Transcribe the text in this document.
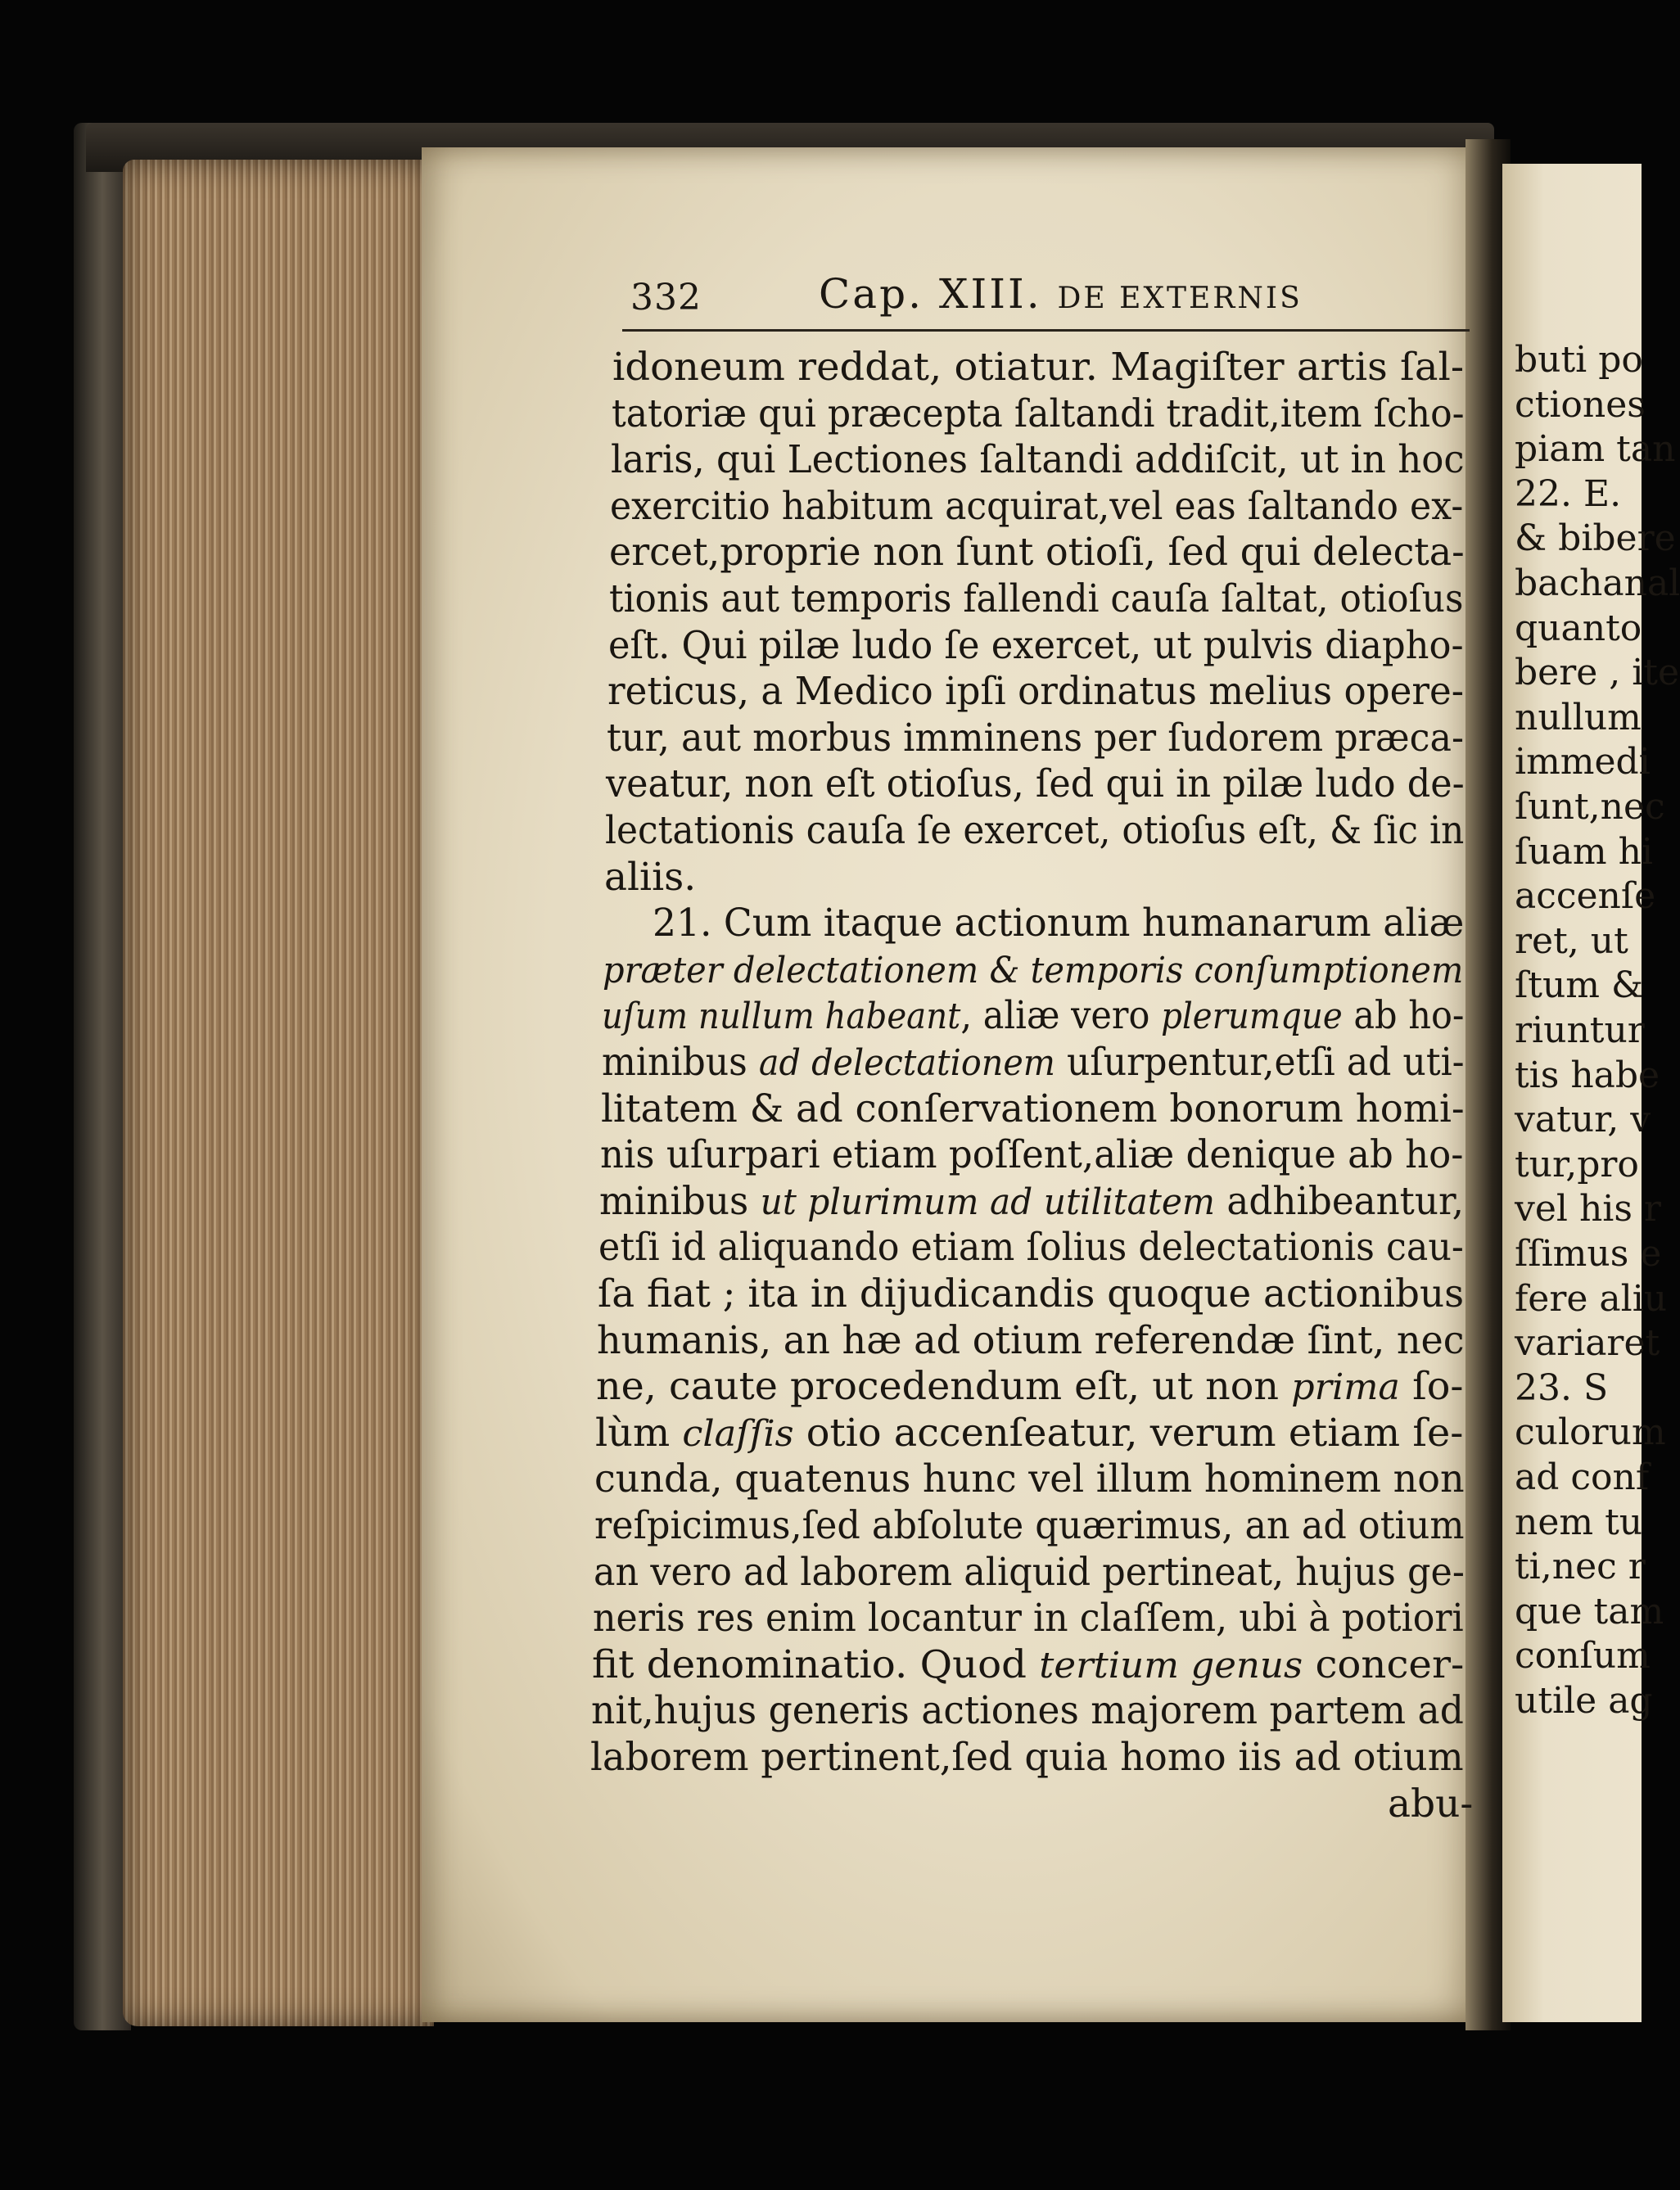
332	Cap. XIII. DE EXTERNIS
idoneum reddat, otiatur. Magiſter artis ſal-
tatoriæ qui præcepta ſaltandi tradit,item ſcho-
laris, qui Lectiones ſaltandi addiſcit, ut in hoc
exercitio habitum acquirat,vel eas ſaltando ex-
ercet,proprie non ſunt otioſi, ſed qui delecta-
tionis aut temporis fallendi cauſa ſaltat, otioſus
eſt. Qui pilæ ludo ſe exercet, ut pulvis diapho-
reticus, a Medico ipſi ordinatus melius opere-
tur, aut morbus imminens per ſudorem præca-
veatur, non eſt otioſus, ſed qui in pilæ ludo de-
lectationis cauſa ſe exercet, otioſus eſt, & ſic in
aliis.
21. Cum itaque actionum humanarum aliæ
præter delectationem & temporis conſumptionem
uſum nullum habeant, aliæ vero plerumque ab ho-
minibus ad delectationem uſurpentur,etſi ad uti-
litatem & ad conſervationem bonorum homi-
nis uſurpari etiam poſſent,aliæ denique ab ho-
minibus ut plurimum ad utilitatem adhibeantur,
etſi id aliquando etiam ſolius delectationis cau-
ſa fiat ; ita in dijudicandis quoque actionibus
humanis, an hæ ad otium referendæ ſint, nec
ne, caute procedendum eſt, ut non prima ſo-
lùm claſſis otio accenſeatur, verum etiam ſe-
cunda, quatenus hunc vel illum hominem non
reſpicimus,ſed abſolute quærimus, an ad otium
an vero ad laborem aliquid pertineat, hujus ge-
neris res enim locantur in claſſem, ubi à potiori
fit denominatio. Quod tertium genus concer-
nit,hujus generis actiones majorem partem ad
laborem pertinent,ſed quia homo iis ad otium
abu-
buti po
ctiones
piam tan
22. E.
& bibere
bachanal
quanto
bere , ite
nullum
immedi
ſunt,nec
ſuam hi
accenſe
ret, ut
ſtum &
riuntur
tis habe
vatur, v
tur,pro
vel his r
ſſimus e
fere aliu
variaret
23. S
culorum
ad conf
nem tu
ti,nec r
que tam
conſum
utile ag
